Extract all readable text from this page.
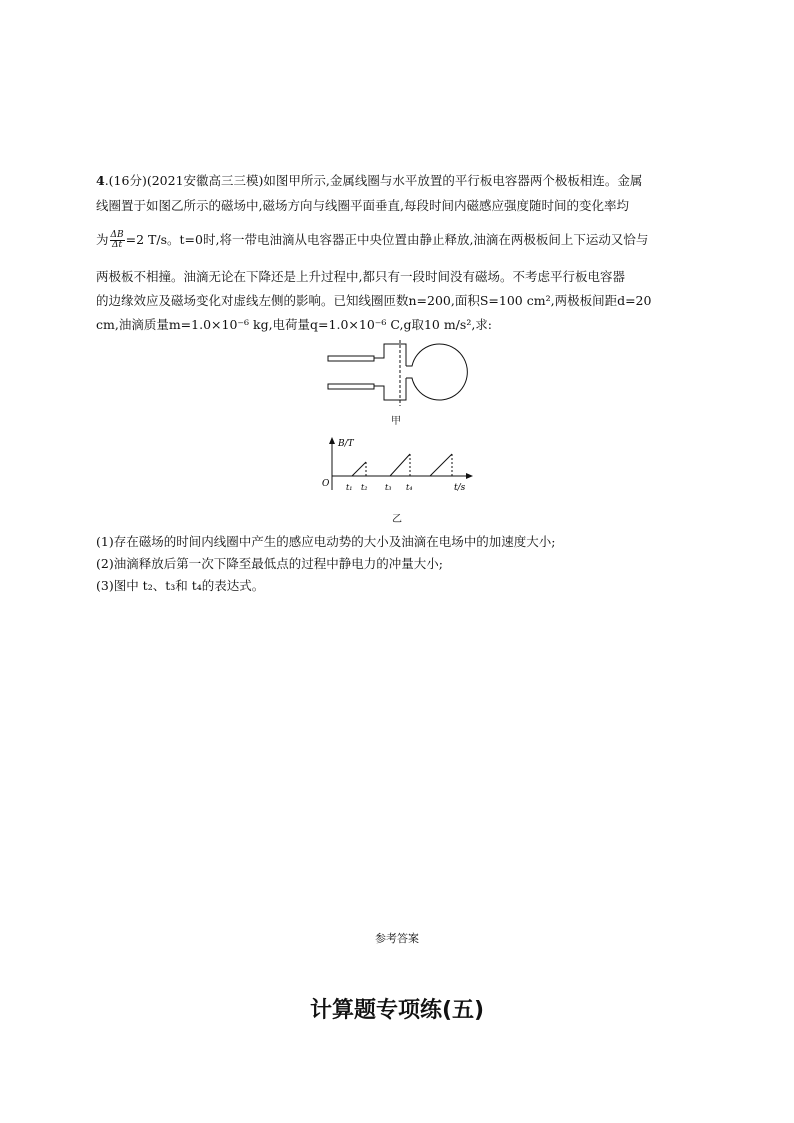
4.(16分)(2021安徽高三三模)如图甲所示,金属线圈与水平放置的平行板电容器两个极板相连。金属
线圈置于如图乙所示的磁场中,磁场方向与线圈平面垂直,每段时间内磁感应强度随时间的变化率均
为 $\frac{\Delta B}{\Delta t} =2$ T/s。t=0时,将一带电油滴从电容器正中央位置由静止释放,油滴在两极板间上下运动又恰与
两极板不相撞。油滴无论在下降还是上升过程中,都只有一段时间没有磁场。不考虑平行板电容器
的边缘效应及磁场变化对虚线左侧的影响。已知线圈匝数n=200,面积S=100 cm²,两极板间距d=20
cm,油滴质量m=1.0×10⁻⁶ kg,电荷量q=1.0×10⁻⁶ C,g取10 m/s²,求:
甲
B/T
O t₁ t₂ t₃ t₄	t/s
乙
(1)存在磁场的时间内线圈中产生的感应电动势的大小及油滴在电场中的加速度大小;
(2)油滴释放后第一次下降至最低点的过程中静电力的冲量大小;
(3)图中 t₂、t₃和 t₄的表达式。
参考答案
计算题专项练(五)
